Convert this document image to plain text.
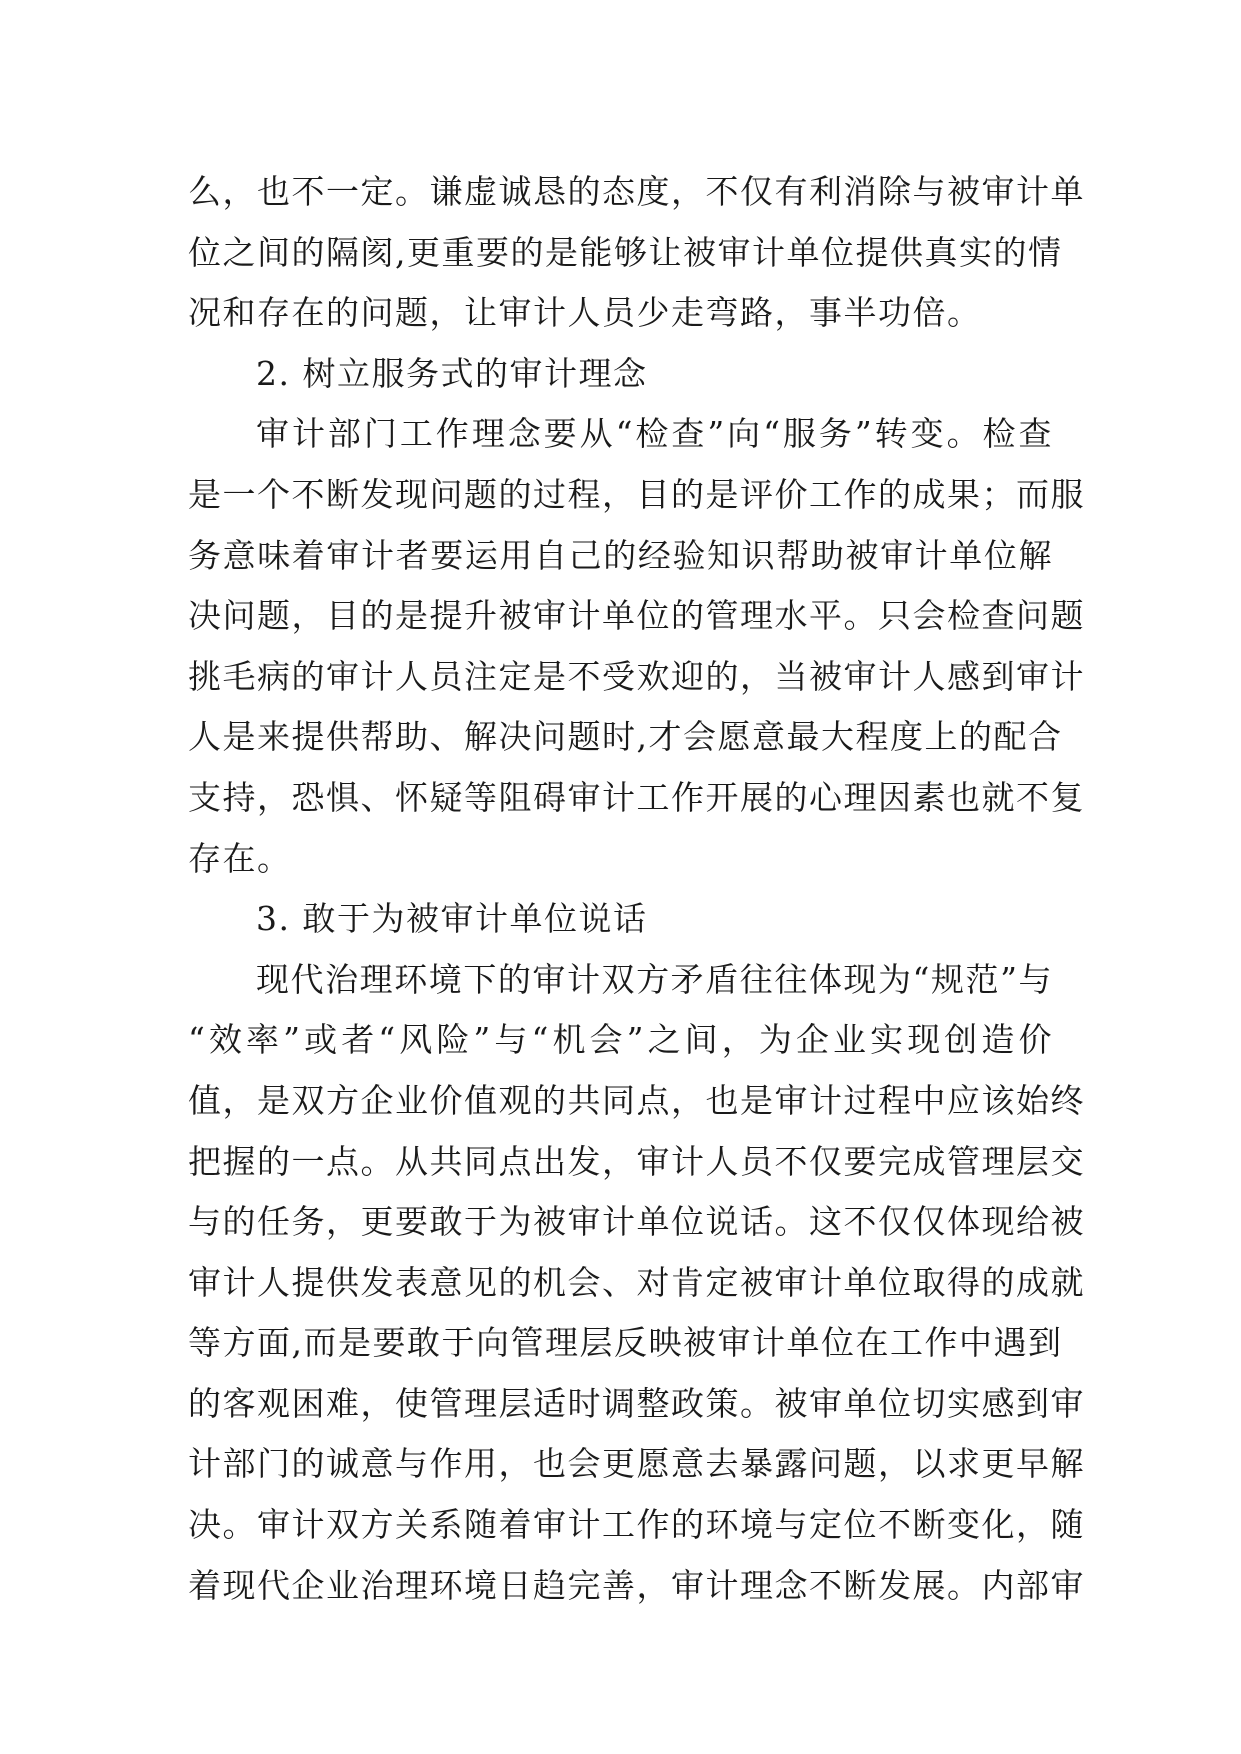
么，也不一定。谦虚诚恳的态度，不仅有利消除与被审计单
位之间的隔阂,更重要的是能够让被审计单位提供真实的情
况和存在的问题，让审计人员少走弯路，事半功倍。
2. 树立服务式的审计理念
审计部门工作理念要从“检查”向“服务”转变。检查
是一个不断发现问题的过程，目的是评价工作的成果；而服
务意味着审计者要运用自己的经验知识帮助被审计单位解
决问题，目的是提升被审计单位的管理水平。只会检查问题
挑毛病的审计人员注定是不受欢迎的，当被审计人感到审计
人是来提供帮助、解决问题时,才会愿意最大程度上的配合
支持，恐惧、怀疑等阻碍审计工作开展的心理因素也就不复
存在。
3. 敢于为被审计单位说话
现代治理环境下的审计双方矛盾往往体现为“规范”与
“效率”或者“风险”与“机会”之间，为企业实现创造价
值，是双方企业价值观的共同点，也是审计过程中应该始终
把握的一点。从共同点出发，审计人员不仅要完成管理层交
与的任务，更要敢于为被审计单位说话。这不仅仅体现给被
审计人提供发表意见的机会、对肯定被审计单位取得的成就
等方面,而是要敢于向管理层反映被审计单位在工作中遇到
的客观困难，使管理层适时调整政策。被审单位切实感到审
计部门的诚意与作用，也会更愿意去暴露问题，以求更早解
决。审计双方关系随着审计工作的环境与定位不断变化，随
着现代企业治理环境日趋完善，审计理念不断发展。内部审
